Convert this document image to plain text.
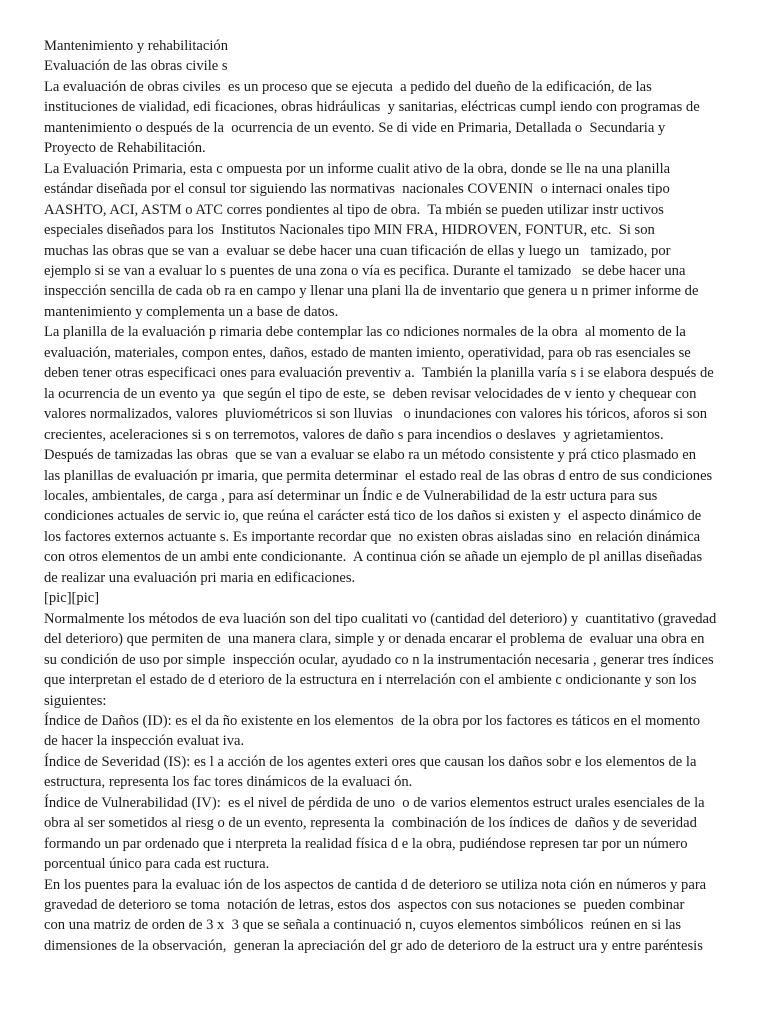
Mantenimiento y rehabilitación
Evaluación de las obras civile s
La evaluación de obras civiles  es un proceso que se ejecuta  a pedido del dueño de la edificación, de las
instituciones de vialidad, edi ficaciones, obras hidráulicas  y sanitarias, eléctricas cumpl iendo con programas de
mantenimiento o después de la  ocurrencia de un evento. Se di vide en Primaria, Detallada o  Secundaria y
Proyecto de Rehabilitación.
La Evaluación Primaria, esta c ompuesta por un informe cualit ativo de la obra, donde se lle na una planilla
estándar diseñada por el consul tor siguiendo las normativas  nacionales COVENIN  o internaci onales tipo
AASHTO, ACI, ASTM o ATC corres pondientes al tipo de obra.  Ta mbién se pueden utilizar instr uctivos
especiales diseñados para los  Institutos Nacionales tipo MIN FRA, HIDROVEN, FONTUR, etc.  Si son
muchas las obras que se van a  evaluar se debe hacer una cuan tificación de ellas y luego un   tamizado, por
ejemplo si se van a evaluar lo s puentes de una zona o vía es pecifica. Durante el tamizado   se debe hacer una
inspección sencilla de cada ob ra en campo y llenar una plani lla de inventario que genera u n primer informe de
mantenimiento y complementa un a base de datos.
La planilla de la evaluación p rimaria debe contemplar las co ndiciones normales de la obra  al momento de la
evaluación, materiales, compon entes, daños, estado de manten imiento, operatividad, para ob ras esenciales se
deben tener otras especificaci ones para evaluación preventiv a.  También la planilla varía s i se elabora después de
la ocurrencia de un evento ya  que según el tipo de este, se  deben revisar velocidades de v iento y chequear con
valores normalizados, valores  pluviométricos si son lluvias   o inundaciones con valores his tóricos, aforos si son
crecientes, aceleraciones si s on terremotos, valores de daño s para incendios o deslaves  y agrietamientos.
Después de tamizadas las obras  que se van a evaluar se elabo ra un método consistente y prá ctico plasmado en
las planillas de evaluación pr imaria, que permita determinar  el estado real de las obras d entro de sus condiciones
locales, ambientales, de carga , para así determinar un Índic e de Vulnerabilidad de la estr uctura para sus
condiciones actuales de servic io, que reúna el carácter está tico de los daños si existen y  el aspecto dinámico de
los factores externos actuante s. Es importante recordar que  no existen obras aisladas sino  en relación dinámica
con otros elementos de un ambi ente condicionante.  A continua ción se añade un ejemplo de pl anillas diseñadas
de realizar una evaluación pri maria en edificaciones.
[pic][pic]
Normalmente los métodos de eva luación son del tipo cualitati vo (cantidad del deterioro) y  cuantitativo (gravedad
del deterioro) que permiten de  una manera clara, simple y or denada encarar el problema de  evaluar una obra en
su condición de uso por simple  inspección ocular, ayudado co n la instrumentación necesaria , generar tres índices
que interpretan el estado de d eterioro de la estructura en i nterrelación con el ambiente c ondicionante y son los
siguientes:
Índice de Daños (ID): es el da ño existente en los elementos  de la obra por los factores es táticos en el momento
de hacer la inspección evaluat iva.
Índice de Severidad (IS): es l a acción de los agentes exteri ores que causan los daños sobr e los elementos de la
estructura, representa los fac tores dinámicos de la evaluaci ón.
Índice de Vulnerabilidad (IV):  es el nivel de pérdida de uno  o de varios elementos estruct urales esenciales de la
obra al ser sometidos al riesg o de un evento, representa la  combinación de los índices de  daños y de severidad
formando un par ordenado que i nterpreta la realidad física d e la obra, pudiéndose represen tar por un número
porcentual único para cada est ructura.
En los puentes para la evaluac ión de los aspectos de cantida d de deterioro se utiliza nota ción en números y para
gravedad de deterioro se toma  notación de letras, estos dos  aspectos con sus notaciones se  pueden combinar
con una matriz de orden de 3 x  3 que se señala a continuació n, cuyos elementos simbólicos  reúnen en si las
dimensiones de la observación,  generan la apreciación del gr ado de deterioro de la estruct ura y entre paréntesis
